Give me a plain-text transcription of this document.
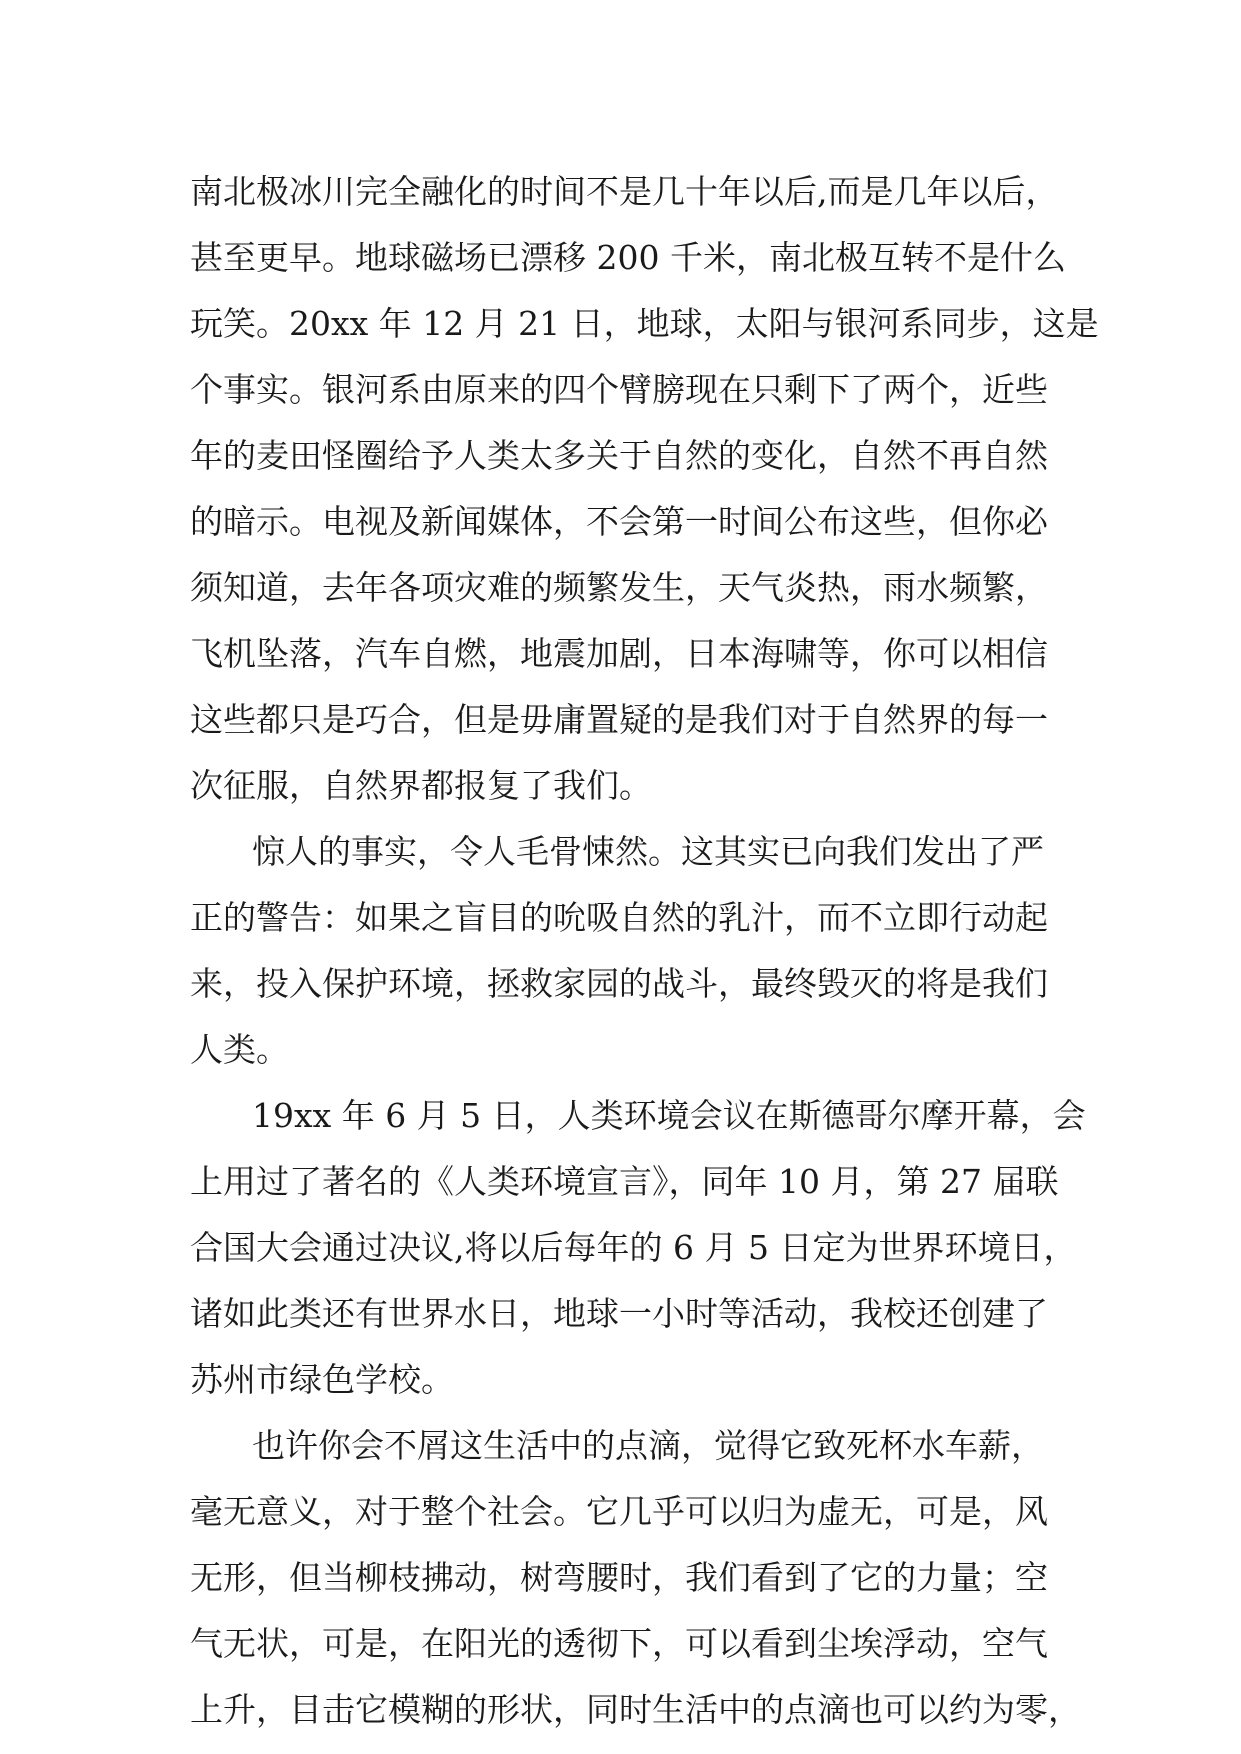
南北极冰川完全融化的时间不是几十年以后,而是几年以后，
甚至更早。地球磁场已漂移 200 千米，南北极互转不是什么
玩笑。20xx 年 12 月 21 日，地球，太阳与银河系同步，这是
个事实。银河系由原来的四个臂膀现在只剩下了两个，近些
年的麦田怪圈给予人类太多关于自然的变化，自然不再自然
的暗示。电视及新闻媒体，不会第一时间公布这些，但你必
须知道，去年各项灾难的频繁发生，天气炎热，雨水频繁，
飞机坠落，汽车自燃，地震加剧，日本海啸等，你可以相信
这些都只是巧合，但是毋庸置疑的是我们对于自然界的每一
次征服，自然界都报复了我们。
惊人的事实，令人毛骨悚然。这其实已向我们发出了严
正的警告：如果之盲目的吮吸自然的乳汁，而不立即行动起
来，投入保护环境，拯救家园的战斗，最终毁灭的将是我们
人类。
19xx 年 6 月 5 日，人类环境会议在斯德哥尔摩开幕，会
上用过了著名的《人类环境宣言》，同年 10 月，第 27 届联
合国大会通过决议,将以后每年的 6 月 5 日定为世界环境日，
诸如此类还有世界水日，地球一小时等活动，我校还创建了
苏州市绿色学校。
也许你会不屑这生活中的点滴，觉得它致死杯水车薪，
毫无意义，对于整个社会。它几乎可以归为虚无，可是，风
无形，但当柳枝拂动，树弯腰时，我们看到了它的力量；空
气无状，可是，在阳光的透彻下，可以看到尘埃浮动，空气
上升，目击它模糊的形状，同时生活中的点滴也可以约为零，
